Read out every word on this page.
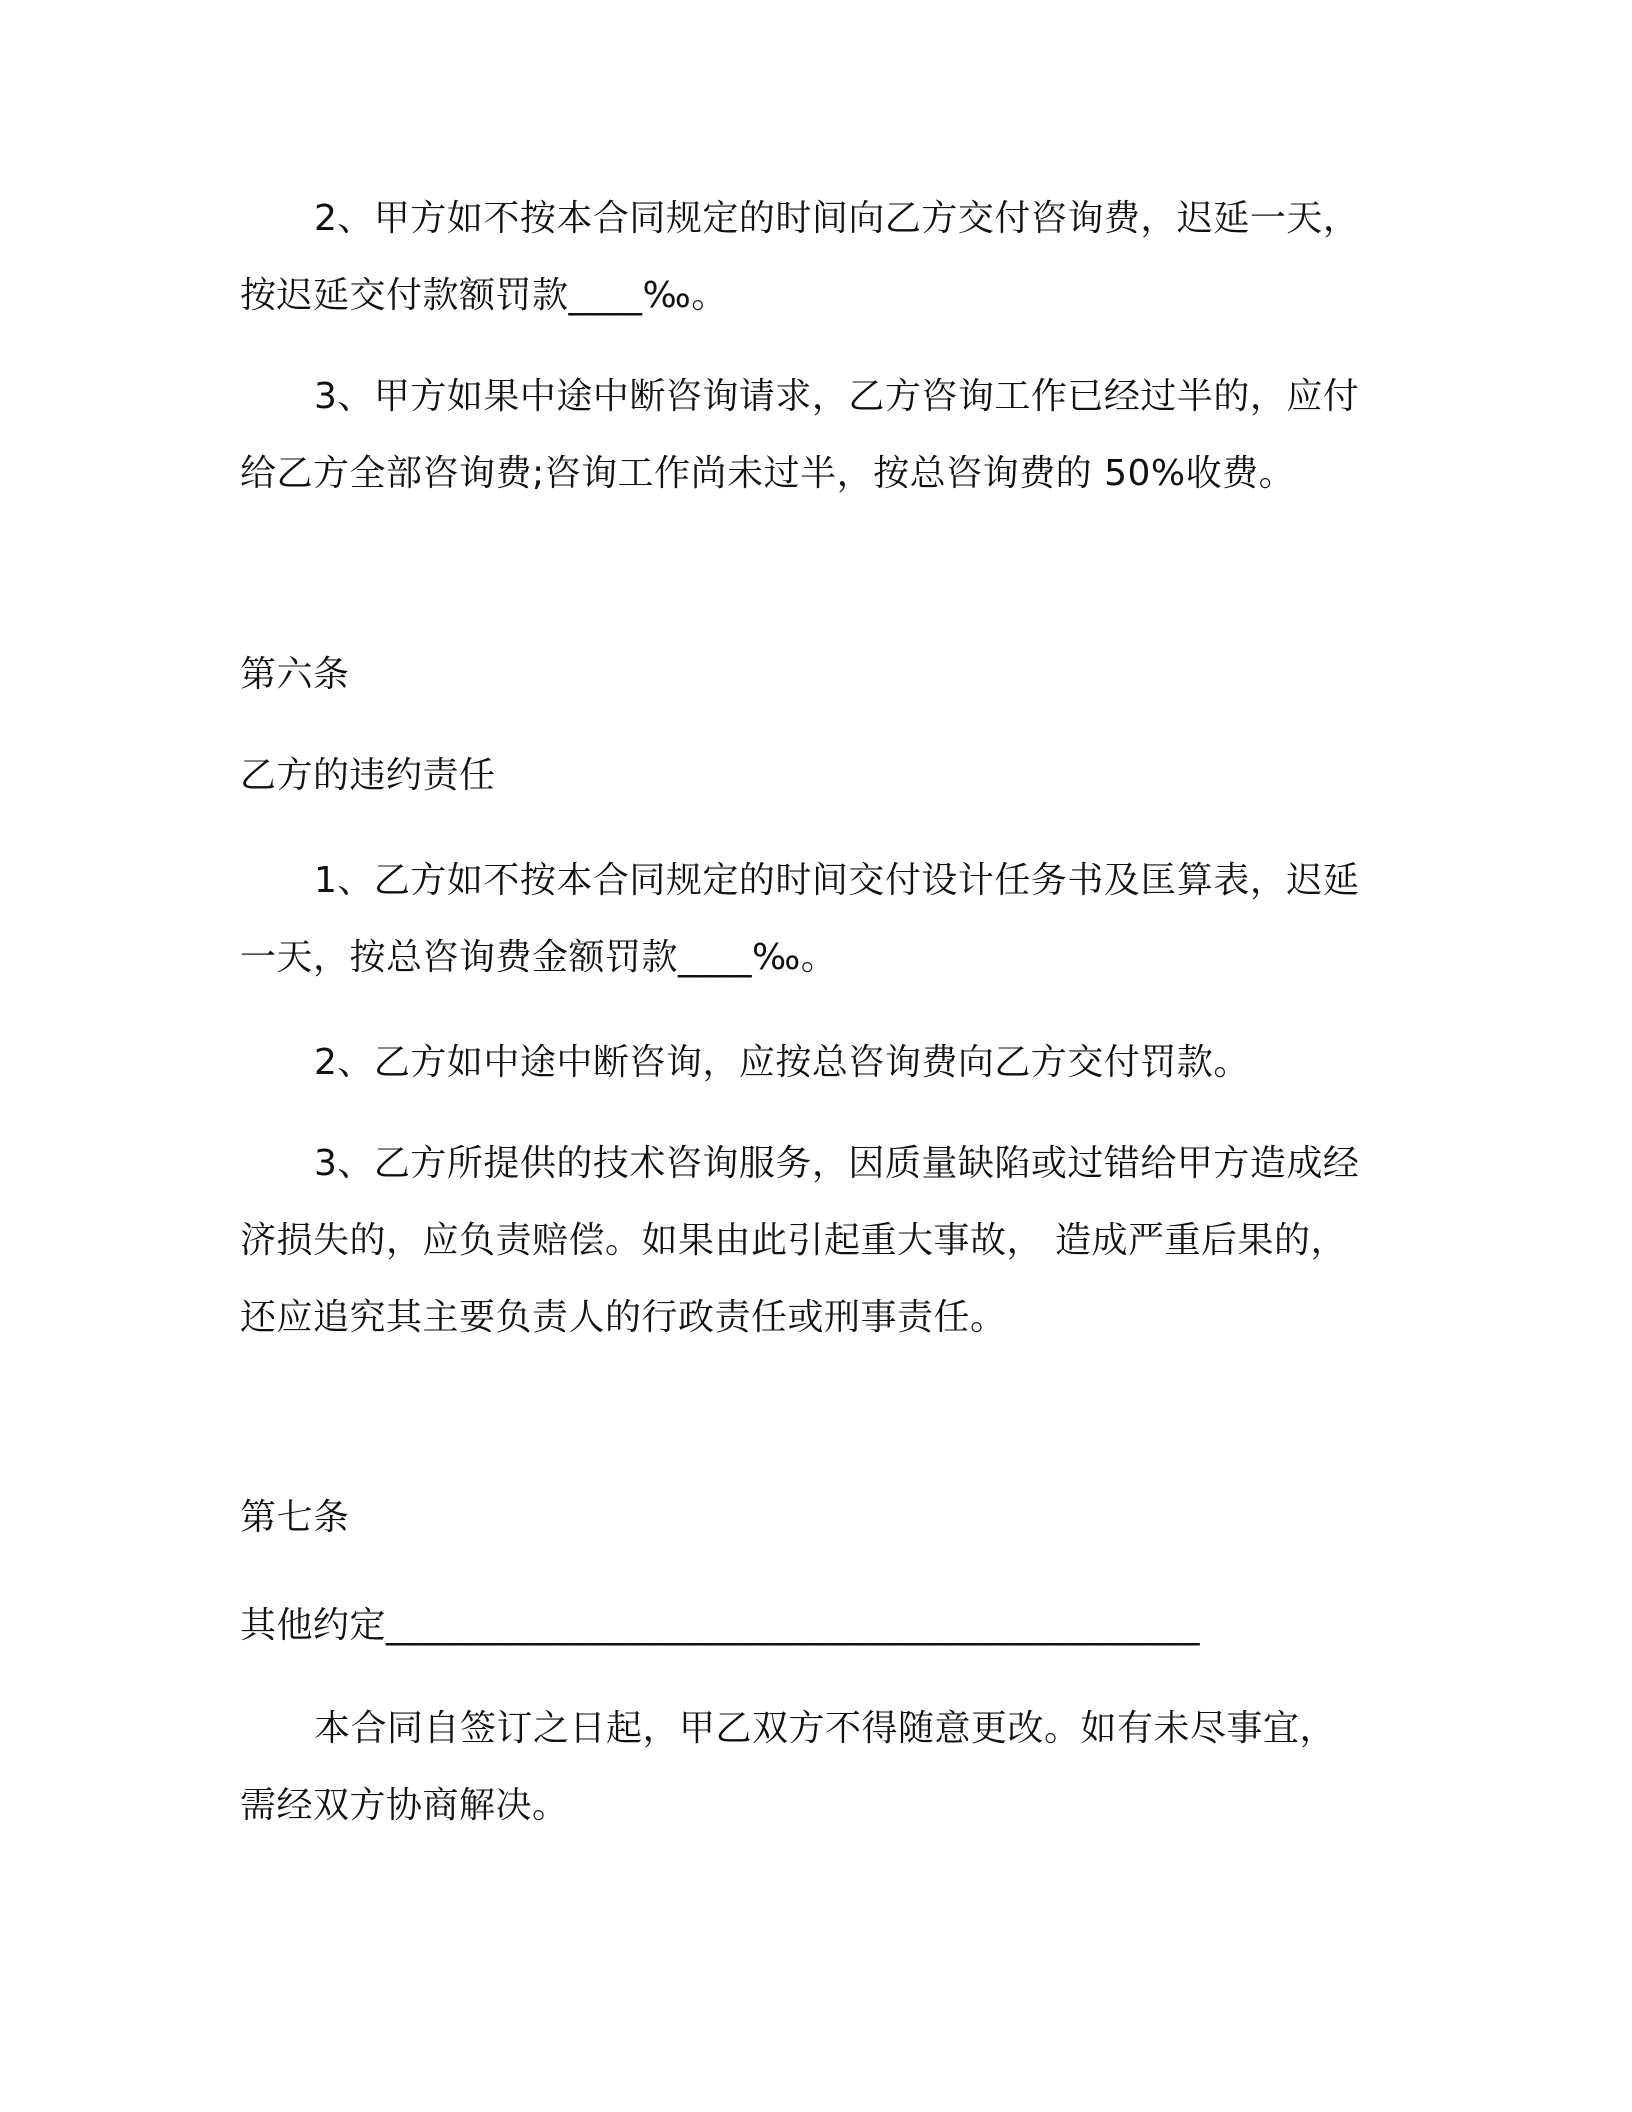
2、甲方如不按本合同规定的时间向乙方交付咨询费，迟延一天，
按迟延交付款额罚款____‰。
3、甲方如果中途中断咨询请求，乙方咨询工作已经过半的，应付
给乙方全部咨询费;咨询工作尚未过半，按总咨询费的 50%收费。
第六条
乙方的违约责任
1、乙方如不按本合同规定的时间交付设计任务书及匡算表，迟延
一天，按总咨询费金额罚款____‰。
2、乙方如中途中断咨询，应按总咨询费向乙方交付罚款。
3、乙方所提供的技术咨询服务，因质量缺陷或过错给甲方造成经
济损失的，应负责赔偿。如果由此引起重大事故， 造成严重后果的，
还应追究其主要负责人的行政责任或刑事责任。
第七条
其他约定____________________________________________
本合同自签订之日起，甲乙双方不得随意更改。如有未尽事宜，
需经双方协商解决。
